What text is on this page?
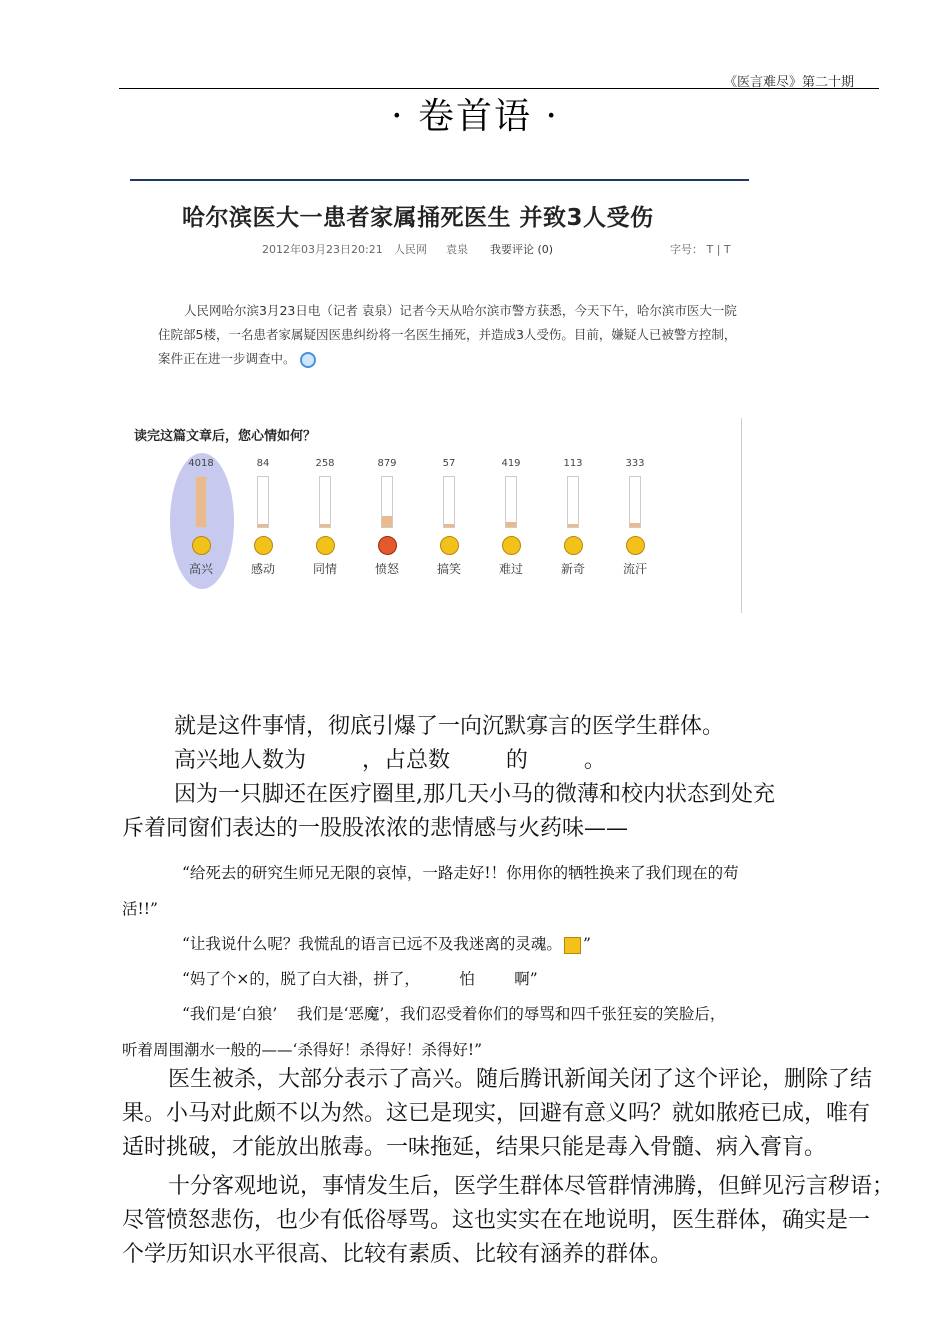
《医言难尽》第二十期
· 卷首语 ·
哈尔滨医大一患者家属捅死医生 并致3人受伤
2012年03月23日20:21 人民网 袁泉 我要评论 (0)	字号： T | T
人民网哈尔滨3月23日电（记者 袁泉）记者今天从哈尔滨市警方获悉，今天下午，哈尔滨市医大一院住院部5楼，一名患者家属疑因医患纠纷将一名医生捅死，并造成3人受伤。目前，嫌疑人已被警方控制，案件正在进一步调查中。
读完这篇文章后，您心情如何？
4018
高兴
84
感动
258
同情
879
愤怒
57
搞笑
419
难过
113
新奇
333
流汗
就是这件事情，彻底引爆了一向沉默寡言的医学生群体。
高兴地人数为        ，占总数        的        。
因为一只脚还在医疗圈里,那几天小马的微薄和校内状态到处充
斥着同窗们表达的一股股浓浓的悲情感与火药味——
“给死去的研究生师兄无限的哀悼，一路走好!！你用你的牺牲换来了我们现在的苟
活!!”
“让我说什么呢？我慌乱的语言已远不及我迷离的灵魂。 ”
“妈了个×的，脱了白大褂，拼了，        怕        啊”
“我们是‘白狼’    我们是‘恶魔’，我们忍受着你们的辱骂和四千张狂妄的笑脸后，
听着周围潮水一般的——‘杀得好！杀得好！杀得好!”
医生被杀，大部分表示了高兴。随后腾讯新闻关闭了这个评论，删除了结
果。小马对此颇不以为然。这已是现实，回避有意义吗？就如脓疮已成，唯有
适时挑破，才能放出脓毒。一味拖延，结果只能是毒入骨髓、病入膏肓。
十分客观地说，事情发生后，医学生群体尽管群情沸腾，但鲜见污言秽语；
尽管愤怒悲伤，也少有低俗辱骂。这也实实在在地说明，医生群体，确实是一
个学历知识水平很高、比较有素质、比较有涵养的群体。
